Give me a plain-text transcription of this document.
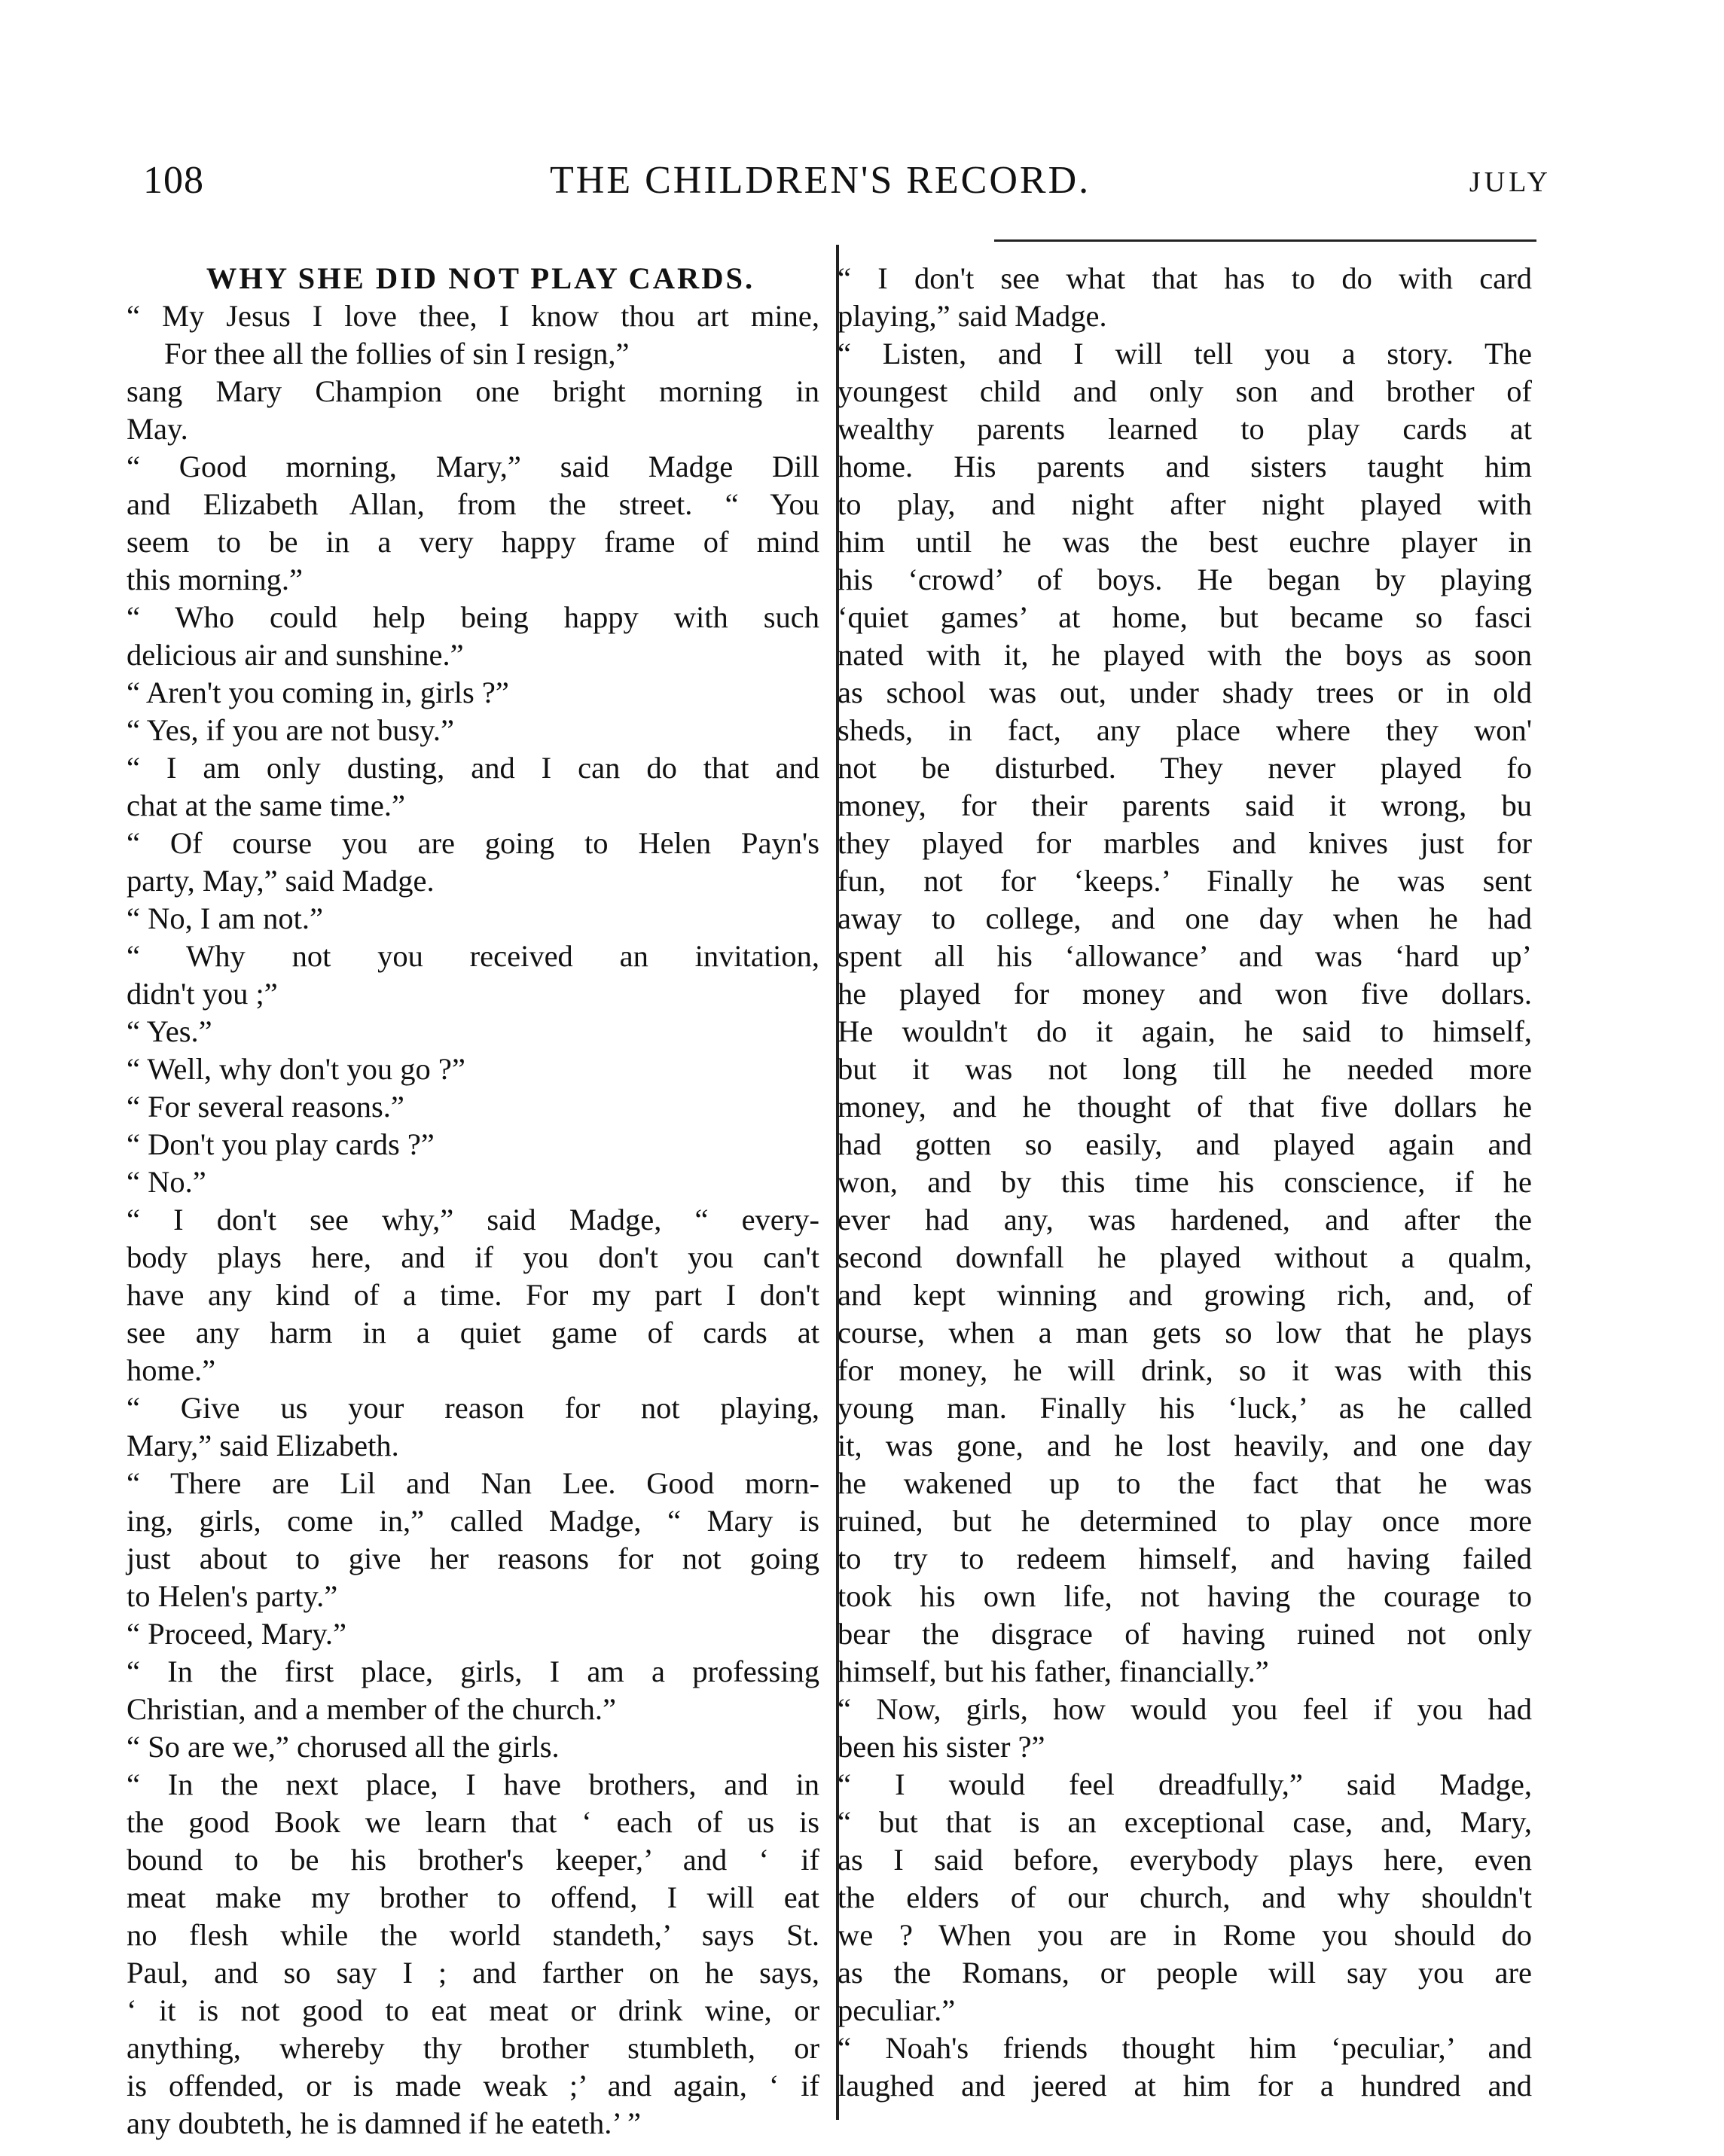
108	THE CHILDREN'S RECORD.	JULY
WHY SHE DID NOT PLAY CARDS.
“ My Jesus I love thee, I know thou art mine,
For thee all the follies of sin I resign,”
sang Mary Champion one bright morning in
May.
“ Good morning, Mary,” said Madge Dill
and Elizabeth Allan, from the street. “ You
seem to be in a very happy frame of mind
this morning.”
“ Who could help being happy with such
delicious air and sunshine.”
“ Aren't you coming in, girls ?”
“ Yes, if you are not busy.”
“ I am only dusting, and I can do that and
chat at the same time.”
“ Of course you are going to Helen Payn's
party, May,” said Madge.
“ No, I am not.”
“ Why not you received an invitation,
didn't you ;”
“ Yes.”
“ Well, why don't you go ?”
“ For several reasons.”
“ Don't you play cards ?”
“ No.”
“ I don't see why,” said Madge, “ every-
body plays here, and if you don't you can't
have any kind of a time. For my part I don't
see any harm in a quiet game of cards at
home.”
“ Give us your reason for not playing,
Mary,” said Elizabeth.
“ There are Lil and Nan Lee. Good morn-
ing, girls, come in,” called Madge, “ Mary is
just about to give her reasons for not going
to Helen's party.”
“ Proceed, Mary.”
“ In the first place, girls, I am a professing
Christian, and a member of the church.”
“ So are we,” chorused all the girls.
“ In the next place, I have brothers, and in
the good Book we learn that ‘ each of us is
bound to be his brother's keeper,’ and ‘ if
meat make my brother to offend, I will eat
no flesh while the world standeth,’ says St.
Paul, and so say I ; and farther on he says,
‘ it is not good to eat meat or drink wine, or
anything, whereby thy brother stumbleth, or
is offended, or is made weak ;’ and again, ‘ if
any doubteth, he is damned if he eateth.’ ”
“ I don't see what that has to do with card
playing,” said Madge.
“ Listen, and I will tell you a story. The
youngest child and only son and brother of
wealthy parents learned to play cards at
home. His parents and sisters taught him
to play, and night after night played with
him until he was the best euchre player in
his ‘crowd’ of boys. He began by playing
‘quiet games’ at home, but became so fasci
nated with it, he played with the boys as soon
as school was out, under shady trees or in old
sheds, in fact, any place where they won'
not be disturbed. They never played fo
money, for their parents said it wrong, bu
they played for marbles and knives just for
fun, not for ‘keeps.’ Finally he was sent
away to college, and one day when he had
spent all his ‘allowance’ and was ‘hard up’
he played for money and won five dollars.
He wouldn't do it again, he said to himself,
but it was not long till he needed more
money, and he thought of that five dollars he
had gotten so easily, and played again and
won, and by this time his conscience, if he
ever had any, was hardened, and after the
second downfall he played without a qualm,
and kept winning and growing rich, and, of
course, when a man gets so low that he plays
for money, he will drink, so it was with this
young man. Finally his ‘luck,’ as he called
it, was gone, and he lost heavily, and one day
he wakened up to the fact that he was
ruined, but he determined to play once more
to try to redeem himself, and having failed
took his own life, not having the courage to
bear the disgrace of having ruined not only
himself, but his father, financially.”
“ Now, girls, how would you feel if you had
been his sister ?”
“ I would feel dreadfully,” said Madge,
“ but that is an exceptional case, and, Mary,
as I said before, everybody plays here, even
the elders of our church, and why shouldn't
we ? When you are in Rome you should do
as the Romans, or people will say you are
peculiar.”
“ Noah's friends thought him ‘peculiar,’ and
laughed and jeered at him for a hundred and
